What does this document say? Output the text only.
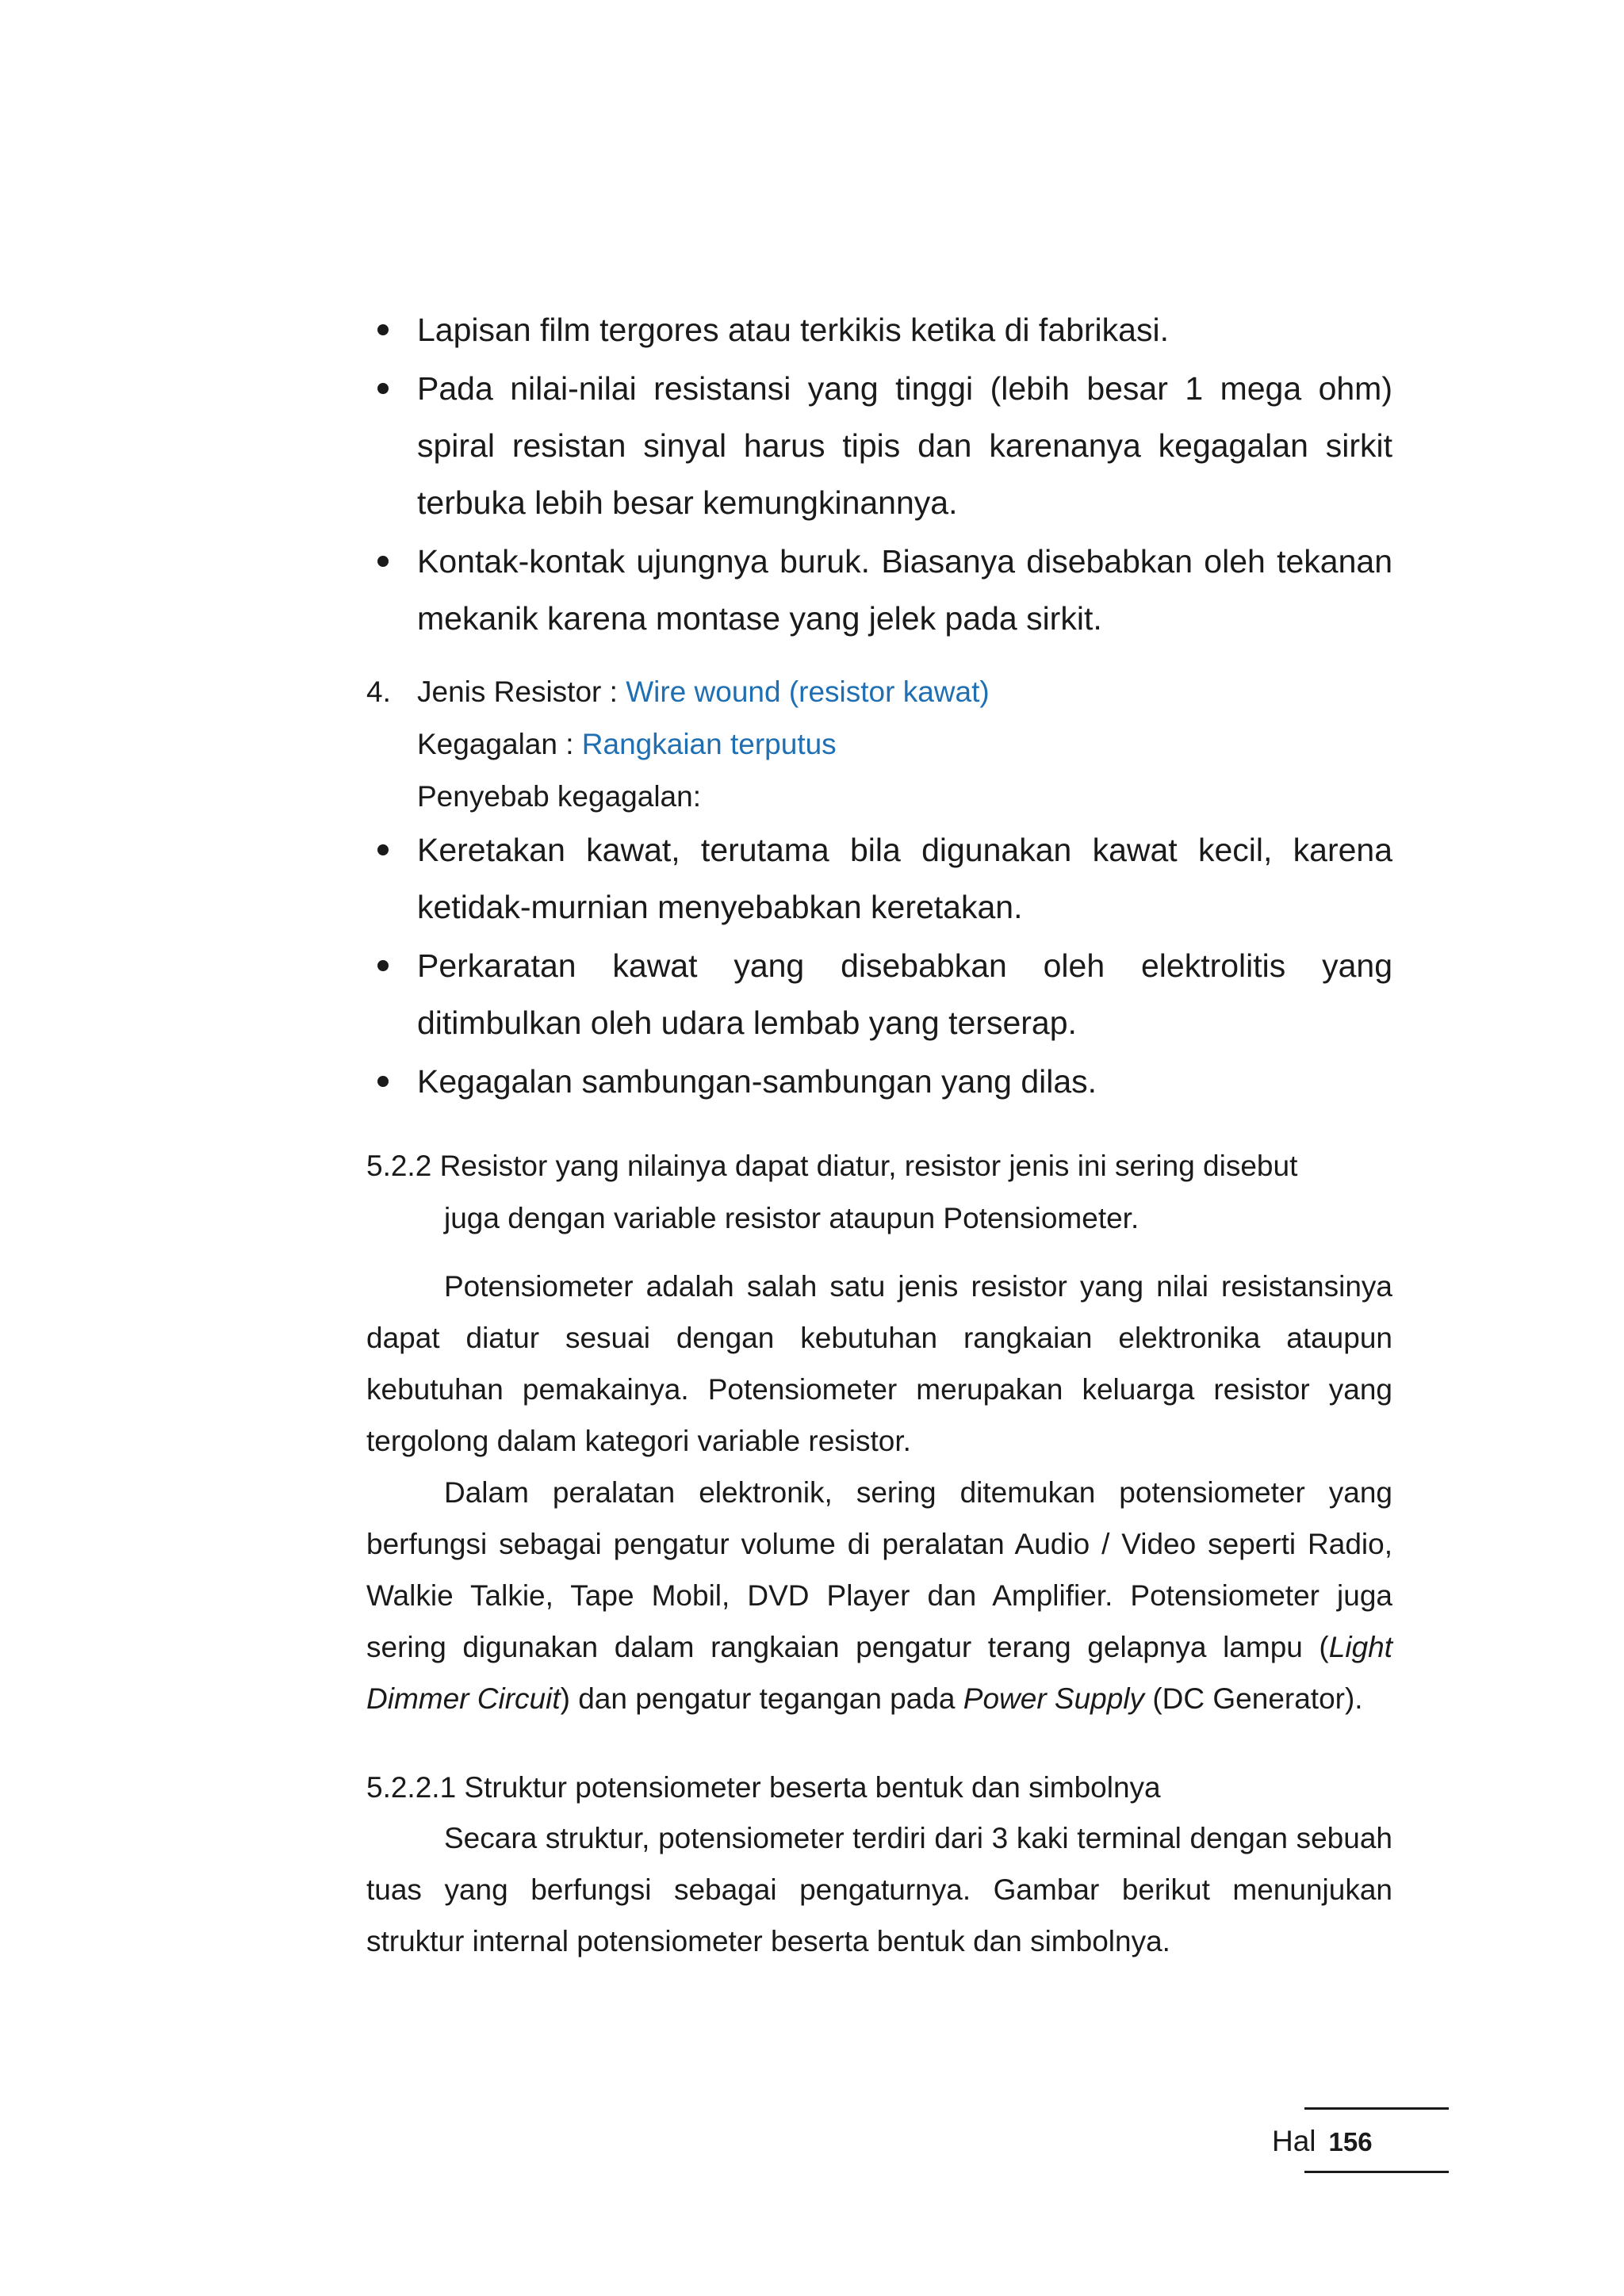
Lapisan film tergores atau terkikis ketika di fabrikasi.
Pada nilai-nilai resistansi yang tinggi (lebih besar 1 mega ohm) spiral resistan sinyal harus tipis dan karenanya kegagalan sirkit terbuka lebih besar kemungkinannya.
Kontak-kontak ujungnya buruk. Biasanya disebabkan oleh tekanan mekanik karena montase yang jelek pada sirkit.
4. Jenis Resistor : Wire wound (resistor kawat)
Kegagalan : Rangkaian terputus
Penyebab kegagalan:
Keretakan kawat, terutama bila digunakan kawat kecil, karena ketidak-murnian menyebabkan keretakan.
Perkaratan kawat yang disebabkan oleh elektrolitis yang ditimbulkan oleh udara lembab yang terserap.
Kegagalan sambungan-sambungan yang dilas.
5.2.2 Resistor yang nilainya dapat diatur, resistor jenis ini sering disebut
juga dengan variable resistor ataupun Potensiometer.

Potensiometer adalah salah satu jenis resistor yang nilai resistansinya dapat diatur sesuai dengan kebutuhan rangkaian elektronika ataupun kebutuhan pemakainya. Potensiometer merupakan keluarga resistor yang tergolong dalam kategori variable resistor.

Dalam peralatan elektronik, sering ditemukan potensiometer yang berfungsi sebagai pengatur volume di peralatan Audio / Video seperti Radio, Walkie Talkie, Tape Mobil, DVD Player dan Amplifier. Potensiometer juga sering digunakan dalam rangkaian pengatur terang gelapnya lampu (Light Dimmer Circuit) dan pengatur tegangan pada Power Supply (DC Generator).

5.2.2.1 Struktur potensiometer beserta bentuk dan simbolnya

Secara struktur, potensiometer terdiri dari 3 kaki terminal dengan sebuah tuas yang berfungsi sebagai pengaturnya. Gambar berikut menunjukan struktur internal potensiometer beserta bentuk dan simbolnya.

Hal 156
